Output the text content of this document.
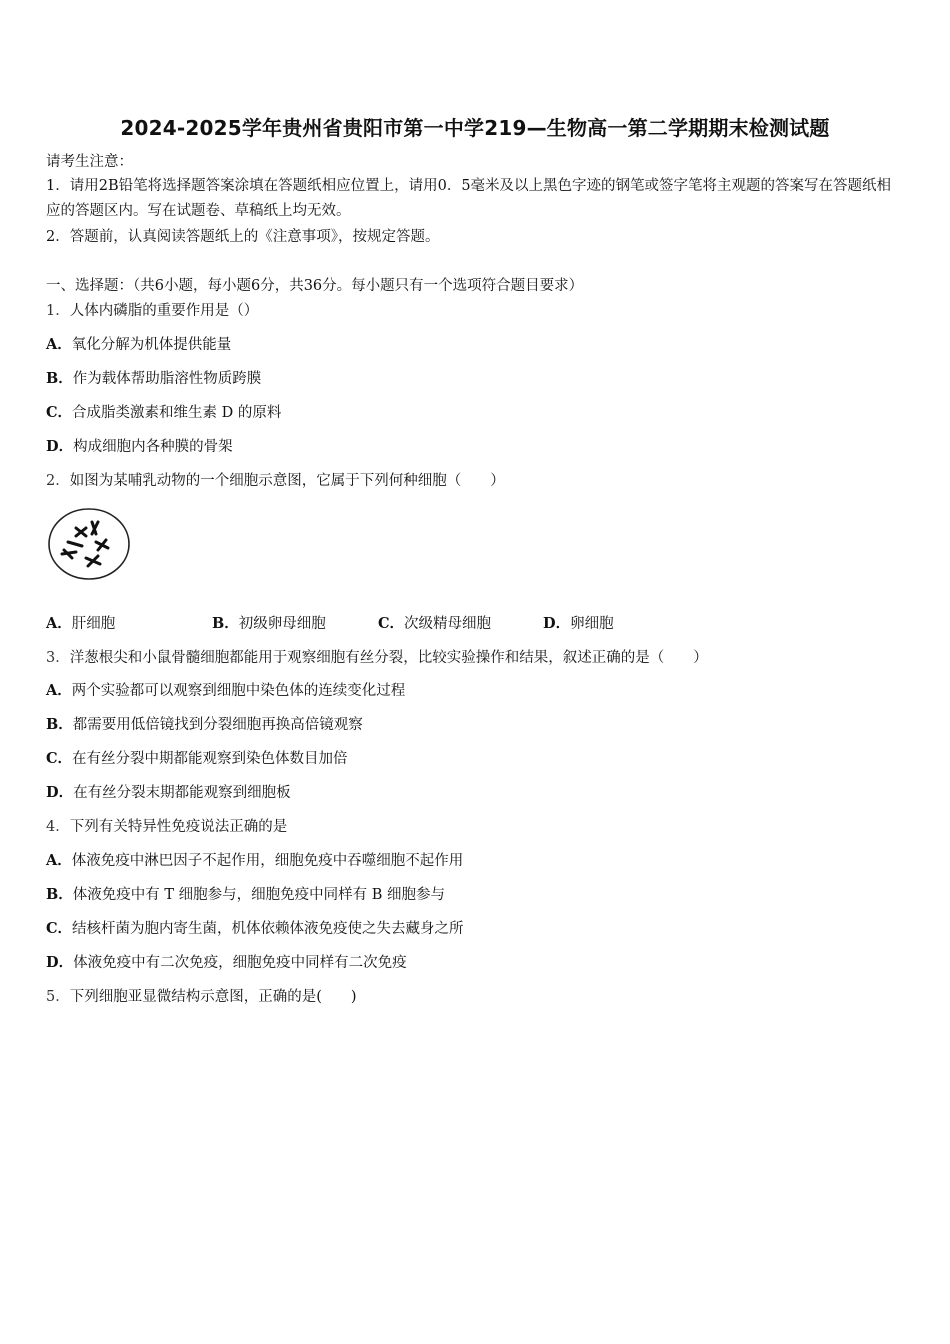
2024-2025学年贵州省贵阳市第一中学219—生物高一第二学期期末检测试题
请考生注意：
1．请用2B铅笔将选择题答案涂填在答题纸相应位置上，请用0．5毫米及以上黑色字迹的钢笔或签字笔将主观题的答案写在答题纸相应的答题区内。写在试题卷、草稿纸上均无效。
2．答题前，认真阅读答题纸上的《注意事项》，按规定答题。
一、选择题：（共6小题，每小题6分，共36分。每小题只有一个选项符合题目要求）
1．人体内磷脂的重要作用是（）
A．氧化分解为机体提供能量
B．作为载体帮助脂溶性物质跨膜
C．合成脂类激素和维生素 D 的原料
D．构成细胞内各种膜的骨架
2．如图为某哺乳动物的一个细胞示意图，它属于下列何种细胞（　　）
A．肝细胞	B．初级卵母细胞	C．次级精母细胞	D．卵细胞
3．洋葱根尖和小鼠骨髓细胞都能用于观察细胞有丝分裂，比较实验操作和结果，叙述正确的是（　　）
A．两个实验都可以观察到细胞中染色体的连续变化过程
B．都需要用低倍镜找到分裂细胞再换高倍镜观察
C．在有丝分裂中期都能观察到染色体数目加倍
D．在有丝分裂末期都能观察到细胞板
4．下列有关特异性免疫说法正确的是
A．体液免疫中淋巴因子不起作用，细胞免疫中吞噬细胞不起作用
B．体液免疫中有 T 细胞参与，细胞免疫中同样有 B 细胞参与
C．结核杆菌为胞内寄生菌，机体依赖体液免疫使之失去藏身之所
D．体液免疫中有二次免疫，细胞免疫中同样有二次免疫
5．下列细胞亚显微结构示意图，正确的是(　　)
